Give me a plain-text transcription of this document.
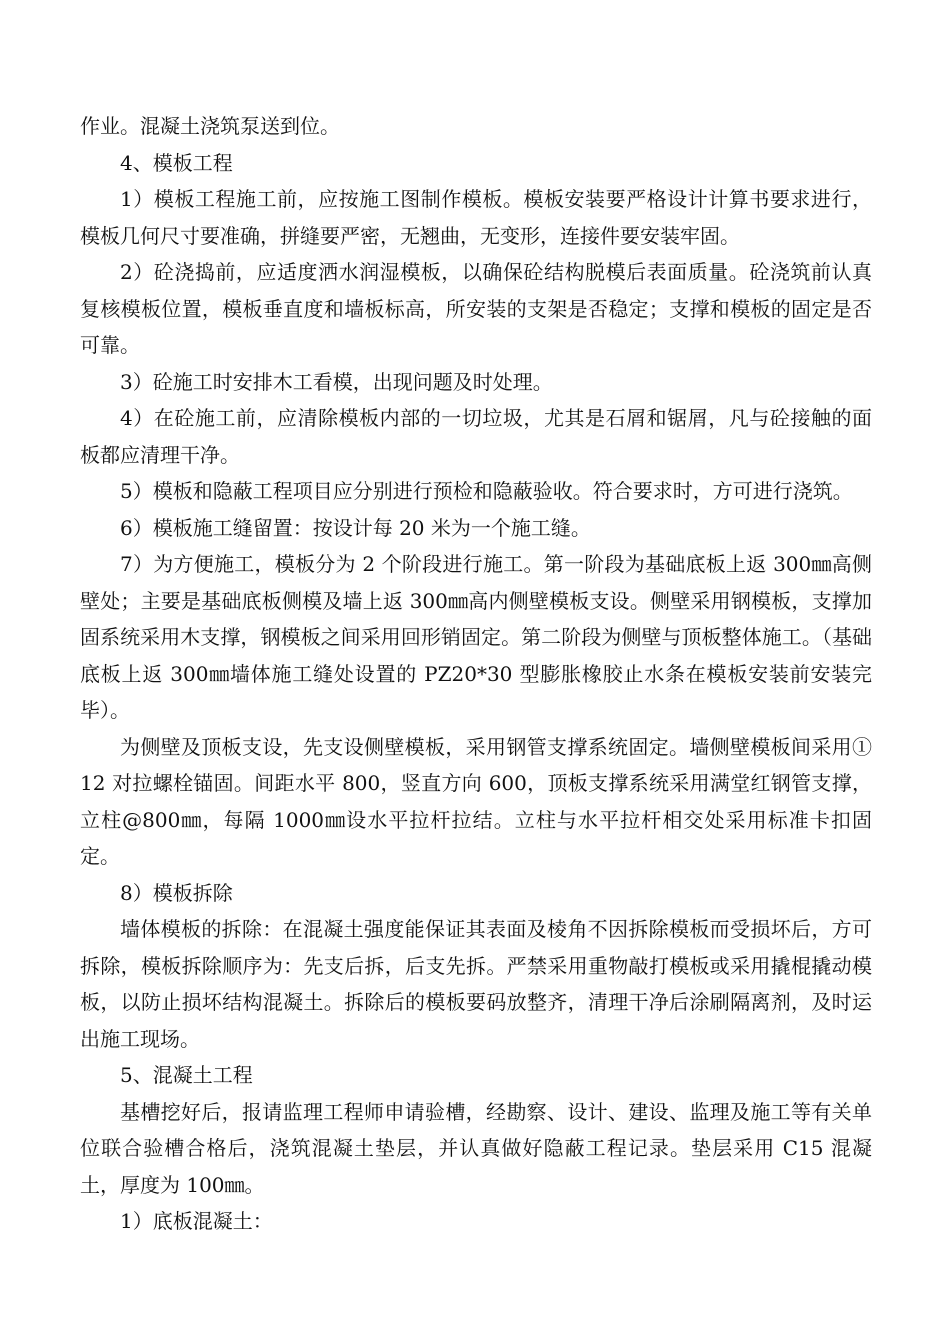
作业。混凝土浇筑泵送到位。

4、模板工程

1）模板工程施工前，应按施工图制作模板。模板安装要严格设计计算书要求进行，模板几何尺寸要准确，拼缝要严密，无翘曲，无变形，连接件要安装牢固。

2）砼浇捣前，应适度洒水润湿模板，以确保砼结构脱模后表面质量。砼浇筑前认真复核模板位置，模板垂直度和墙板标高，所安装的支架是否稳定；支撑和模板的固定是否可靠。

3）砼施工时安排木工看模，出现问题及时处理。

4）在砼施工前，应清除模板内部的一切垃圾，尤其是石屑和锯屑，凡与砼接触的面板都应清理干净。

5）模板和隐蔽工程项目应分别进行预检和隐蔽验收。符合要求时，方可进行浇筑。

6）模板施工缝留置：按设计每 20 米为一个施工缝。

7）为方便施工，模板分为 2 个阶段进行施工。第一阶段为基础底板上返 300㎜高侧壁处；主要是基础底板侧模及墙上返 300㎜高内侧壁模板支设。侧壁采用钢模板，支撑加固系统采用木支撑，钢模板之间采用回形销固定。第二阶段为侧壁与顶板整体施工。（基础底板上返 300㎜墙体施工缝处设置的 PZ20*30 型膨胀橡胶止水条在模板安装前安装完毕）。

为侧壁及顶板支设，先支设侧壁模板，采用钢管支撑系统固定。墙侧壁模板间采用① 12 对拉螺栓锚固。间距水平 800，竖直方向 600，顶板支撑系统采用满堂红钢管支撑，立柱@800㎜，每隔 1000㎜设水平拉杆拉结。立柱与水平拉杆相交处采用标准卡扣固定。

8）模板拆除

墙体模板的拆除：在混凝土强度能保证其表面及棱角不因拆除模板而受损坏后，方可拆除，模板拆除顺序为：先支后拆，后支先拆。严禁采用重物敲打模板或采用撬棍撬动模板，以防止损坏结构混凝土。拆除后的模板要码放整齐，清理干净后涂刷隔离剂，及时运出施工现场。

5、混凝土工程

基槽挖好后，报请监理工程师申请验槽，经勘察、设计、建设、监理及施工等有关单位联合验槽合格后，浇筑混凝土垫层，并认真做好隐蔽工程记录。垫层采用 C15 混凝土，厚度为 100㎜。

1）底板混凝土：
